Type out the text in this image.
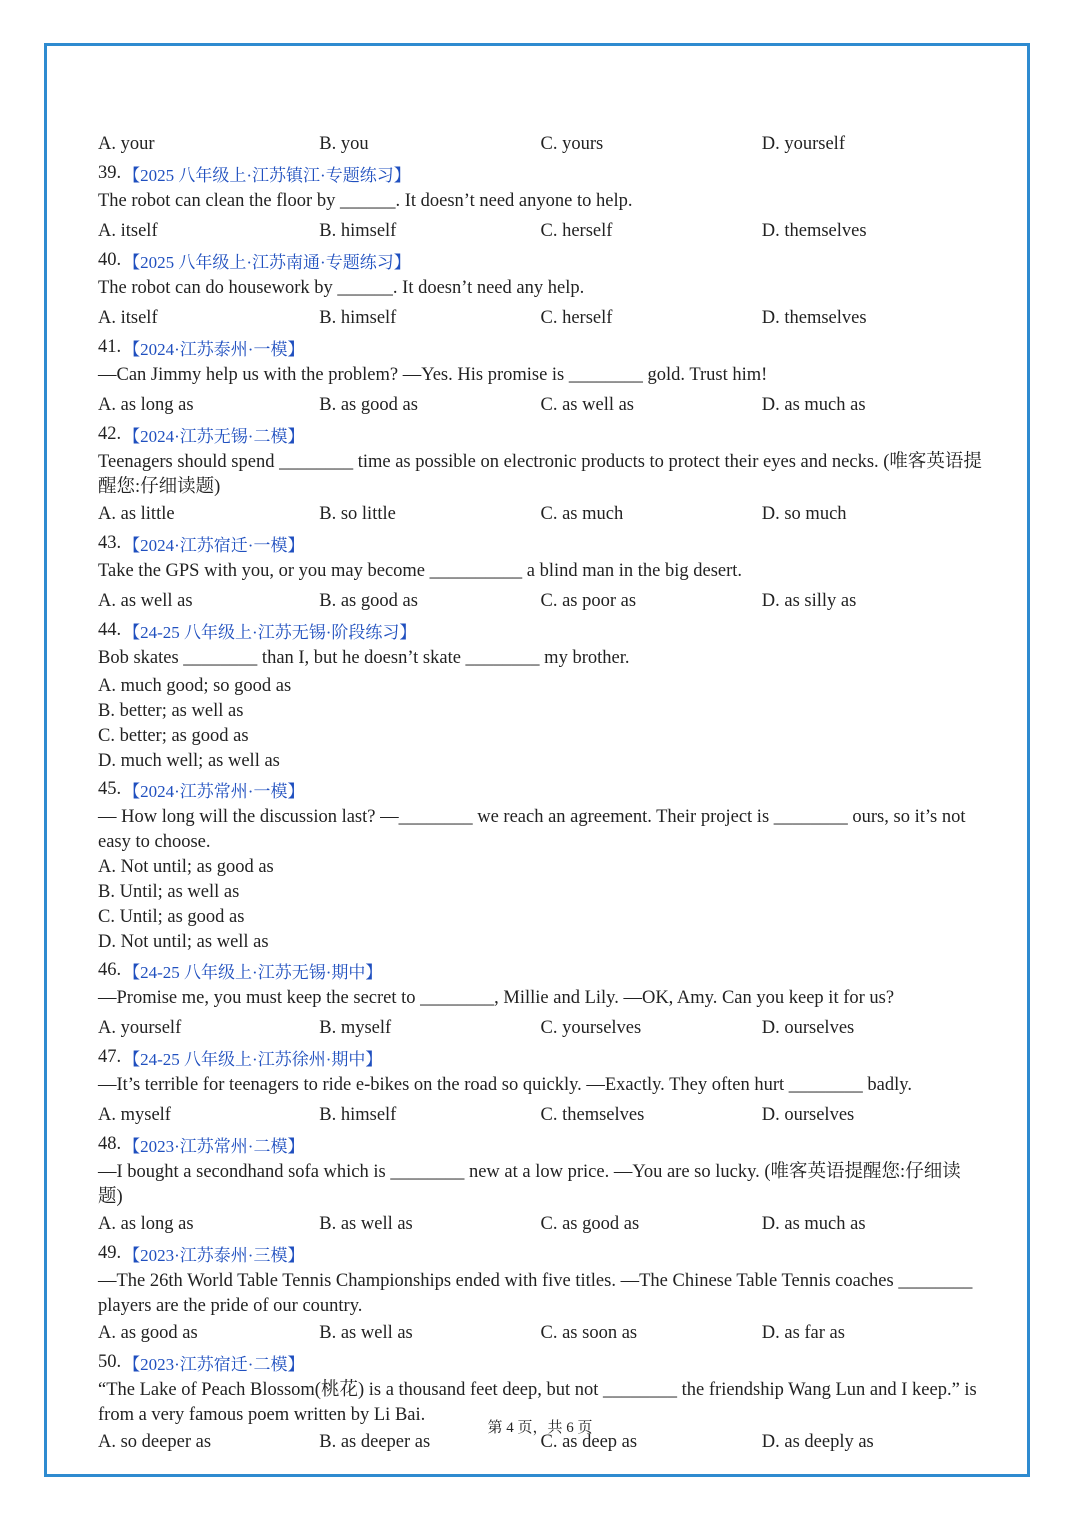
A. your	B. you	C. yours	D. yourself
39. 【2025 八年级上·江苏镇江·专题练习】
The robot can clean the floor by ______. It doesn’t need anyone to help.
A. itself	B. himself	C. herself	D. themselves
40. 【2025 八年级上·江苏南通·专题练习】
The robot can do housework by ______. It doesn’t need any help.
A. itself	B. himself	C. herself	D. themselves
41. 【2024·江苏泰州·一模】
—Can Jimmy help us with the problem? —Yes. His promise is ________ gold. Trust him!
A. as long as	B. as good as	C. as well as	D. as much as
42. 【2024·江苏无锡·二模】
Teenagers should spend ________ time as possible on electronic products to protect their eyes and necks. (唯客英语提醒您:仔细读题)
A. as little	B. so little	C. as much	D. so much
43. 【2024·江苏宿迁·一模】
Take the GPS with you, or you may become __________ a blind man in the big desert.
A. as well as	B. as good as	C. as poor as	D. as silly as
44. 【24-25 八年级上·江苏无锡·阶段练习】
Bob skates ________ than I, but he doesn’t skate ________ my brother.
A. much good; so good as
B. better; as well as
C. better; as good as
D. much well; as well as
45. 【2024·江苏常州·一模】
— How long will the discussion last? —________ we reach an agreement. Their project is ________ ours, so it’s not easy to choose.
A. Not until; as good as
B. Until; as well as
C. Until; as good as
D. Not until; as well as
46. 【24-25 八年级上·江苏无锡·期中】
—Promise me, you must keep the secret to ________, Millie and Lily. —OK, Amy. Can you keep it for us?
A. yourself	B. myself	C. yourselves	D. ourselves
47. 【24-25 八年级上·江苏徐州·期中】
—It’s terrible for teenagers to ride e-bikes on the road so quickly. —Exactly. They often hurt ________ badly.
A. myself	B. himself	C. themselves	D. ourselves
48. 【2023·江苏常州·二模】
—I bought a secondhand sofa which is ________ new at a low price. —You are so lucky. (唯客英语提醒您:仔细读题)
A. as long as	B. as well as	C. as good as	D. as much as
49. 【2023·江苏泰州·三模】
—The 26th World Table Tennis Championships ended with five titles. —The Chinese Table Tennis coaches ________ players are the pride of our country.
A. as good as	B. as well as	C. as soon as	D. as far as
50. 【2023·江苏宿迁·二模】
“The Lake of Peach Blossom(桃花) is a thousand feet deep, but not ________ the friendship Wang Lun and I keep.” is from a very famous poem written by Li Bai.
A. so deeper as	B. as deeper as	C. as deep as	D. as deeply as
第 4 页，共 6 页
